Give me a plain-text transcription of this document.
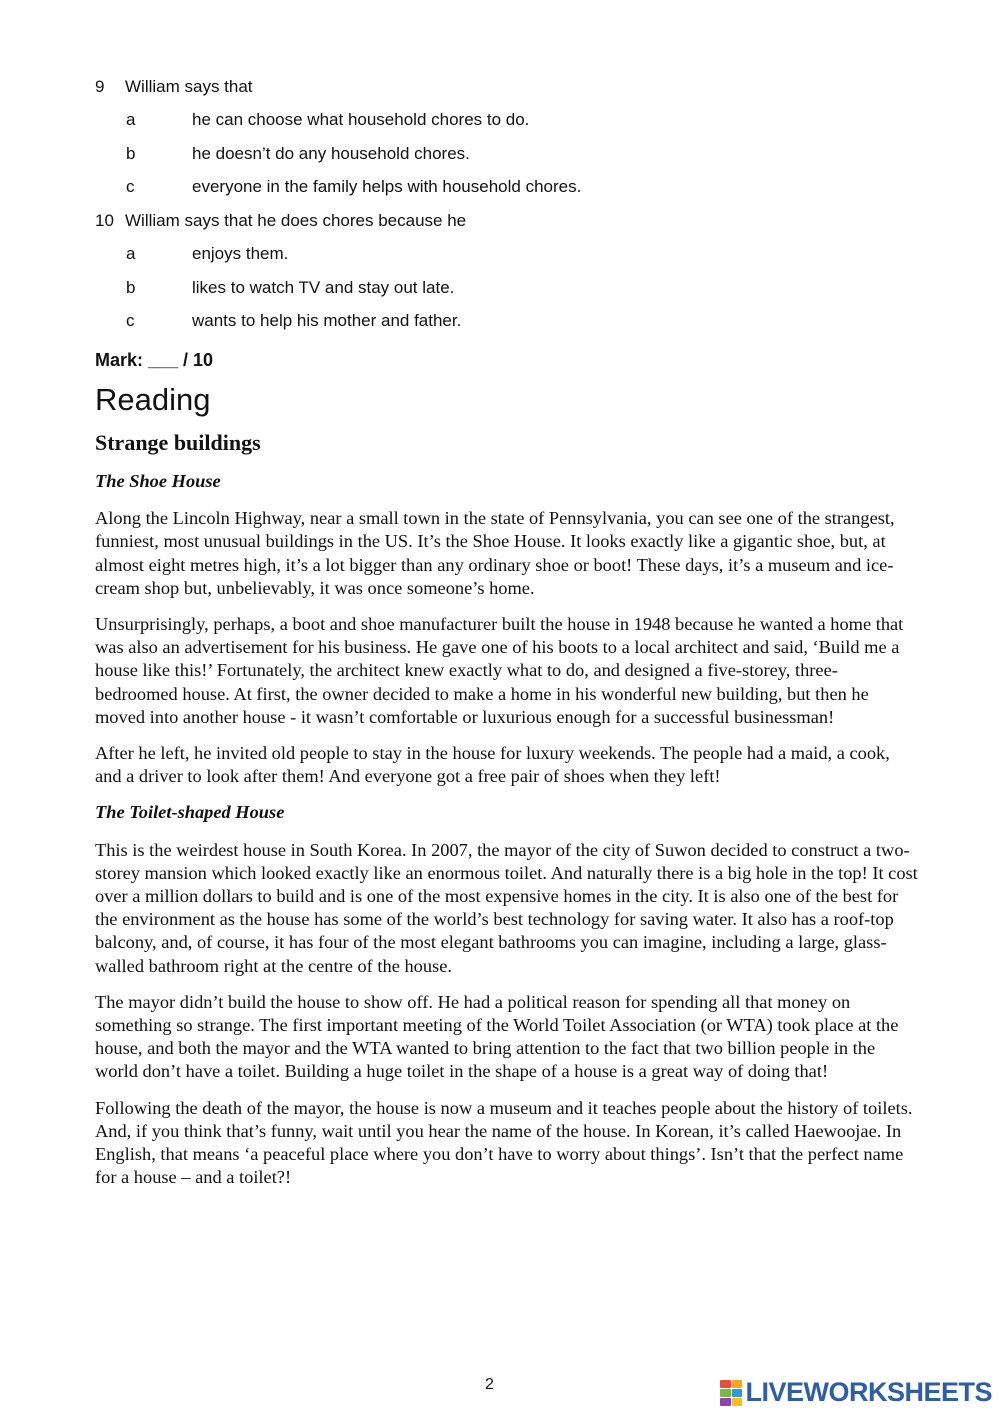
9	William says that
a	he can choose what household chores to do.
b	he doesn’t do any household chores.
c	everyone in the family helps with household chores.
10 William says that he does chores because he
a	enjoys them.
b	likes to watch TV and stay out late.
c	wants to help his mother and father.
Mark: ___ / 10
Reading
Strange buildings
The Shoe House

Along the Lincoln Highway, near a small town in the state of Pennsylvania, you can see one of the strangest, funniest, most unusual buildings in the US. It’s the Shoe House. It looks exactly like a gigantic shoe, but, at almost eight metres high, it’s a lot bigger than any ordinary shoe or boot! These days, it’s a museum and ice-cream shop but, unbelievably, it was once someone’s home.

Unsurprisingly, perhaps, a boot and shoe manufacturer built the house in 1948 because he wanted a home that was also an advertisement for his business. He gave one of his boots to a local architect and said, ‘Build me a house like this!’ Fortunately, the architect knew exactly what to do, and designed a five-storey, three-bedroomed house. At first, the owner decided to make a home in his wonderful new building, but then he moved into another house - it wasn’t comfortable or luxurious enough for a successful businessman!

After he left, he invited old people to stay in the house for luxury weekends. The people had a maid, a cook, and a driver to look after them! And everyone got a free pair of shoes when they left!

The Toilet-shaped House

This is the weirdest house in South Korea. In 2007, the mayor of the city of Suwon decided to construct a two-storey mansion which looked exactly like an enormous toilet. And naturally there is a big hole in the top! It cost over a million dollars to build and is one of the most expensive homes in the city. It is also one of the best for the environment as the house has some of the world’s best technology for saving water. It also has a roof-top balcony, and, of course, it has four of the most elegant bathrooms you can imagine, including a large, glass-walled bathroom right at the centre of the house.

The mayor didn’t build the house to show off. He had a political reason for spending all that money on something so strange. The first important meeting of the World Toilet Association (or WTA) took place at the house, and both the mayor and the WTA wanted to bring attention to the fact that two billion people in the world don’t have a toilet. Building a huge toilet in the shape of a house is a great way of doing that!

Following the death of the mayor, the house is now a museum and it teaches people about the history of toilets. And, if you think that’s funny, wait until you hear the name of the house. In Korean, it’s called Haewoojae. In English, that means ‘a peaceful place where you don’t have to worry about things’. Isn’t that the perfect name for a house – and a toilet?!

2	LIVEWORKSHEETS
